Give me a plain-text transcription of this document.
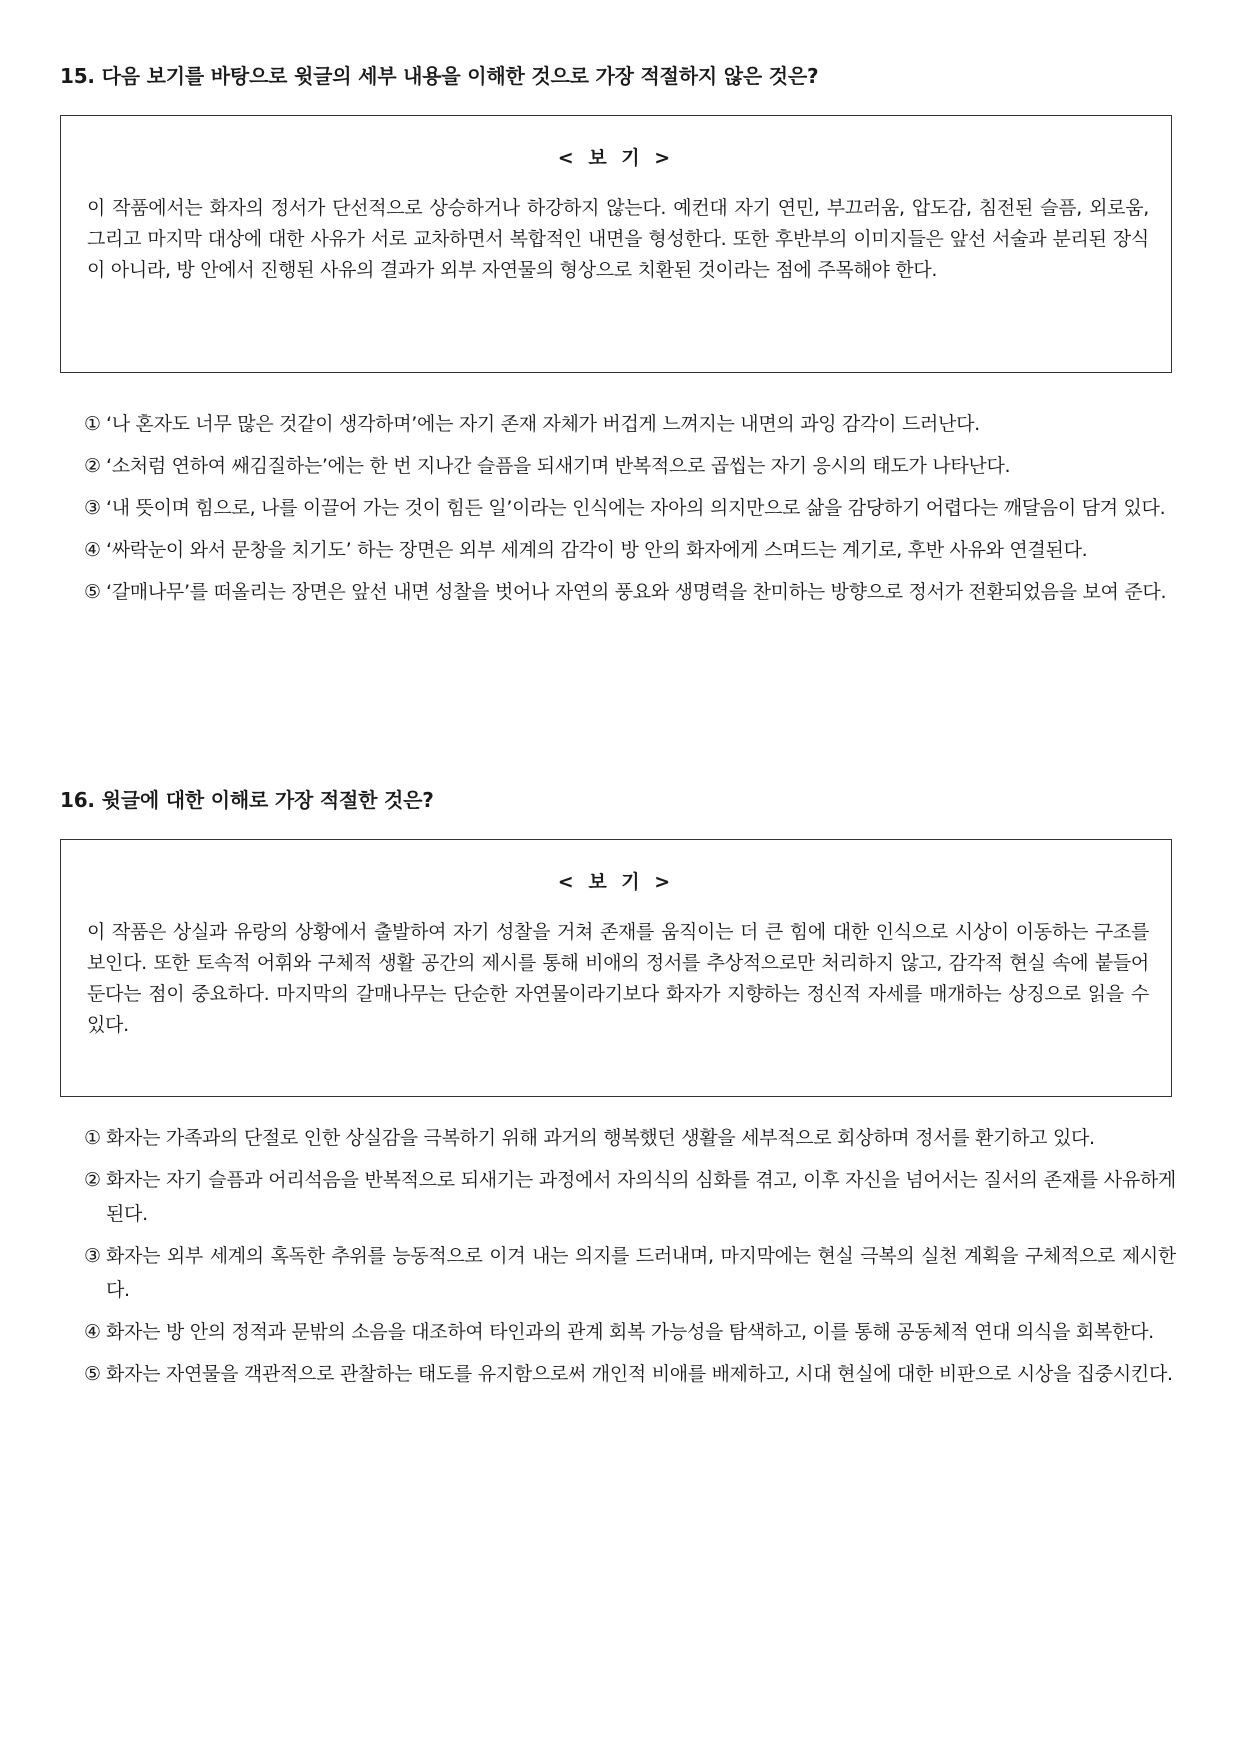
15. 다음 보기를 바탕으로 윗글의 세부 내용을 이해한 것으로 가장 적절하지 않은 것은?
< 보 기 >
이 작품에서는 화자의 정서가 단선적으로 상승하거나 하강하지 않는다. 예컨대 자기 연민, 부끄러움, 압도감, 침전된 슬픔, 외로움, 그리고 마지막 대상에 대한 사유가 서로 교차하면서 복합적인 내면을 형성한다. 또한 후반부의 이미지들은 앞선 서술과 분리된 장식이 아니라, 방 안에서 진행된 사유의 결과가 외부 자연물의 형상으로 치환된 것이라는 점에 주목해야 한다.
① ‘나 혼자도 너무 많은 것같이 생각하며’에는 자기 존재 자체가 버겁게 느껴지는 내면의 과잉 감각이 드러난다.
② ‘소처럼 연하여 쌔김질하는’에는 한 번 지나간 슬픔을 되새기며 반복적으로 곱씹는 자기 응시의 태도가 나타난다.
③ ‘내 뜻이며 힘으로, 나를 이끌어 가는 것이 힘든 일’이라는 인식에는 자아의 의지만으로 삶을 감당하기 어렵다는 깨달음이 담겨 있다.
④ ‘싸락눈이 와서 문창을 치기도’ 하는 장면은 외부 세계의 감각이 방 안의 화자에게 스며드는 계기로, 후반 사유와 연결된다.
⑤ ‘갈매나무’를 떠올리는 장면은 앞선 내면 성찰을 벗어나 자연의 풍요와 생명력을 찬미하는 방향으로 정서가 전환되었음을 보여 준다.
16. 윗글에 대한 이해로 가장 적절한 것은?
< 보 기 >
이 작품은 상실과 유랑의 상황에서 출발하여 자기 성찰을 거쳐 존재를 움직이는 더 큰 힘에 대한 인식으로 시상이 이동하는 구조를 보인다. 또한 토속적 어휘와 구체적 생활 공간의 제시를 통해 비애의 정서를 추상적으로만 처리하지 않고, 감각적 현실 속에 붙들어 둔다는 점이 중요하다. 마지막의 갈매나무는 단순한 자연물이라기보다 화자가 지향하는 정신적 자세를 매개하는 상징으로 읽을 수 있다.
① 화자는 가족과의 단절로 인한 상실감을 극복하기 위해 과거의 행복했던 생활을 세부적으로 회상하며 정서를 환기하고 있다.
② 화자는 자기 슬픔과 어리석음을 반복적으로 되새기는 과정에서 자의식의 심화를 겪고, 이후 자신을 넘어서는 질서의 존재를 사유하게 된다.
③ 화자는 외부 세계의 혹독한 추위를 능동적으로 이겨 내는 의지를 드러내며, 마지막에는 현실 극복의 실천 계획을 구체적으로 제시한다.
④ 화자는 방 안의 정적과 문밖의 소음을 대조하여 타인과의 관계 회복 가능성을 탐색하고, 이를 통해 공동체적 연대 의식을 회복한다.
⑤ 화자는 자연물을 객관적으로 관찰하는 태도를 유지함으로써 개인적 비애를 배제하고, 시대 현실에 대한 비판으로 시상을 집중시킨다.
